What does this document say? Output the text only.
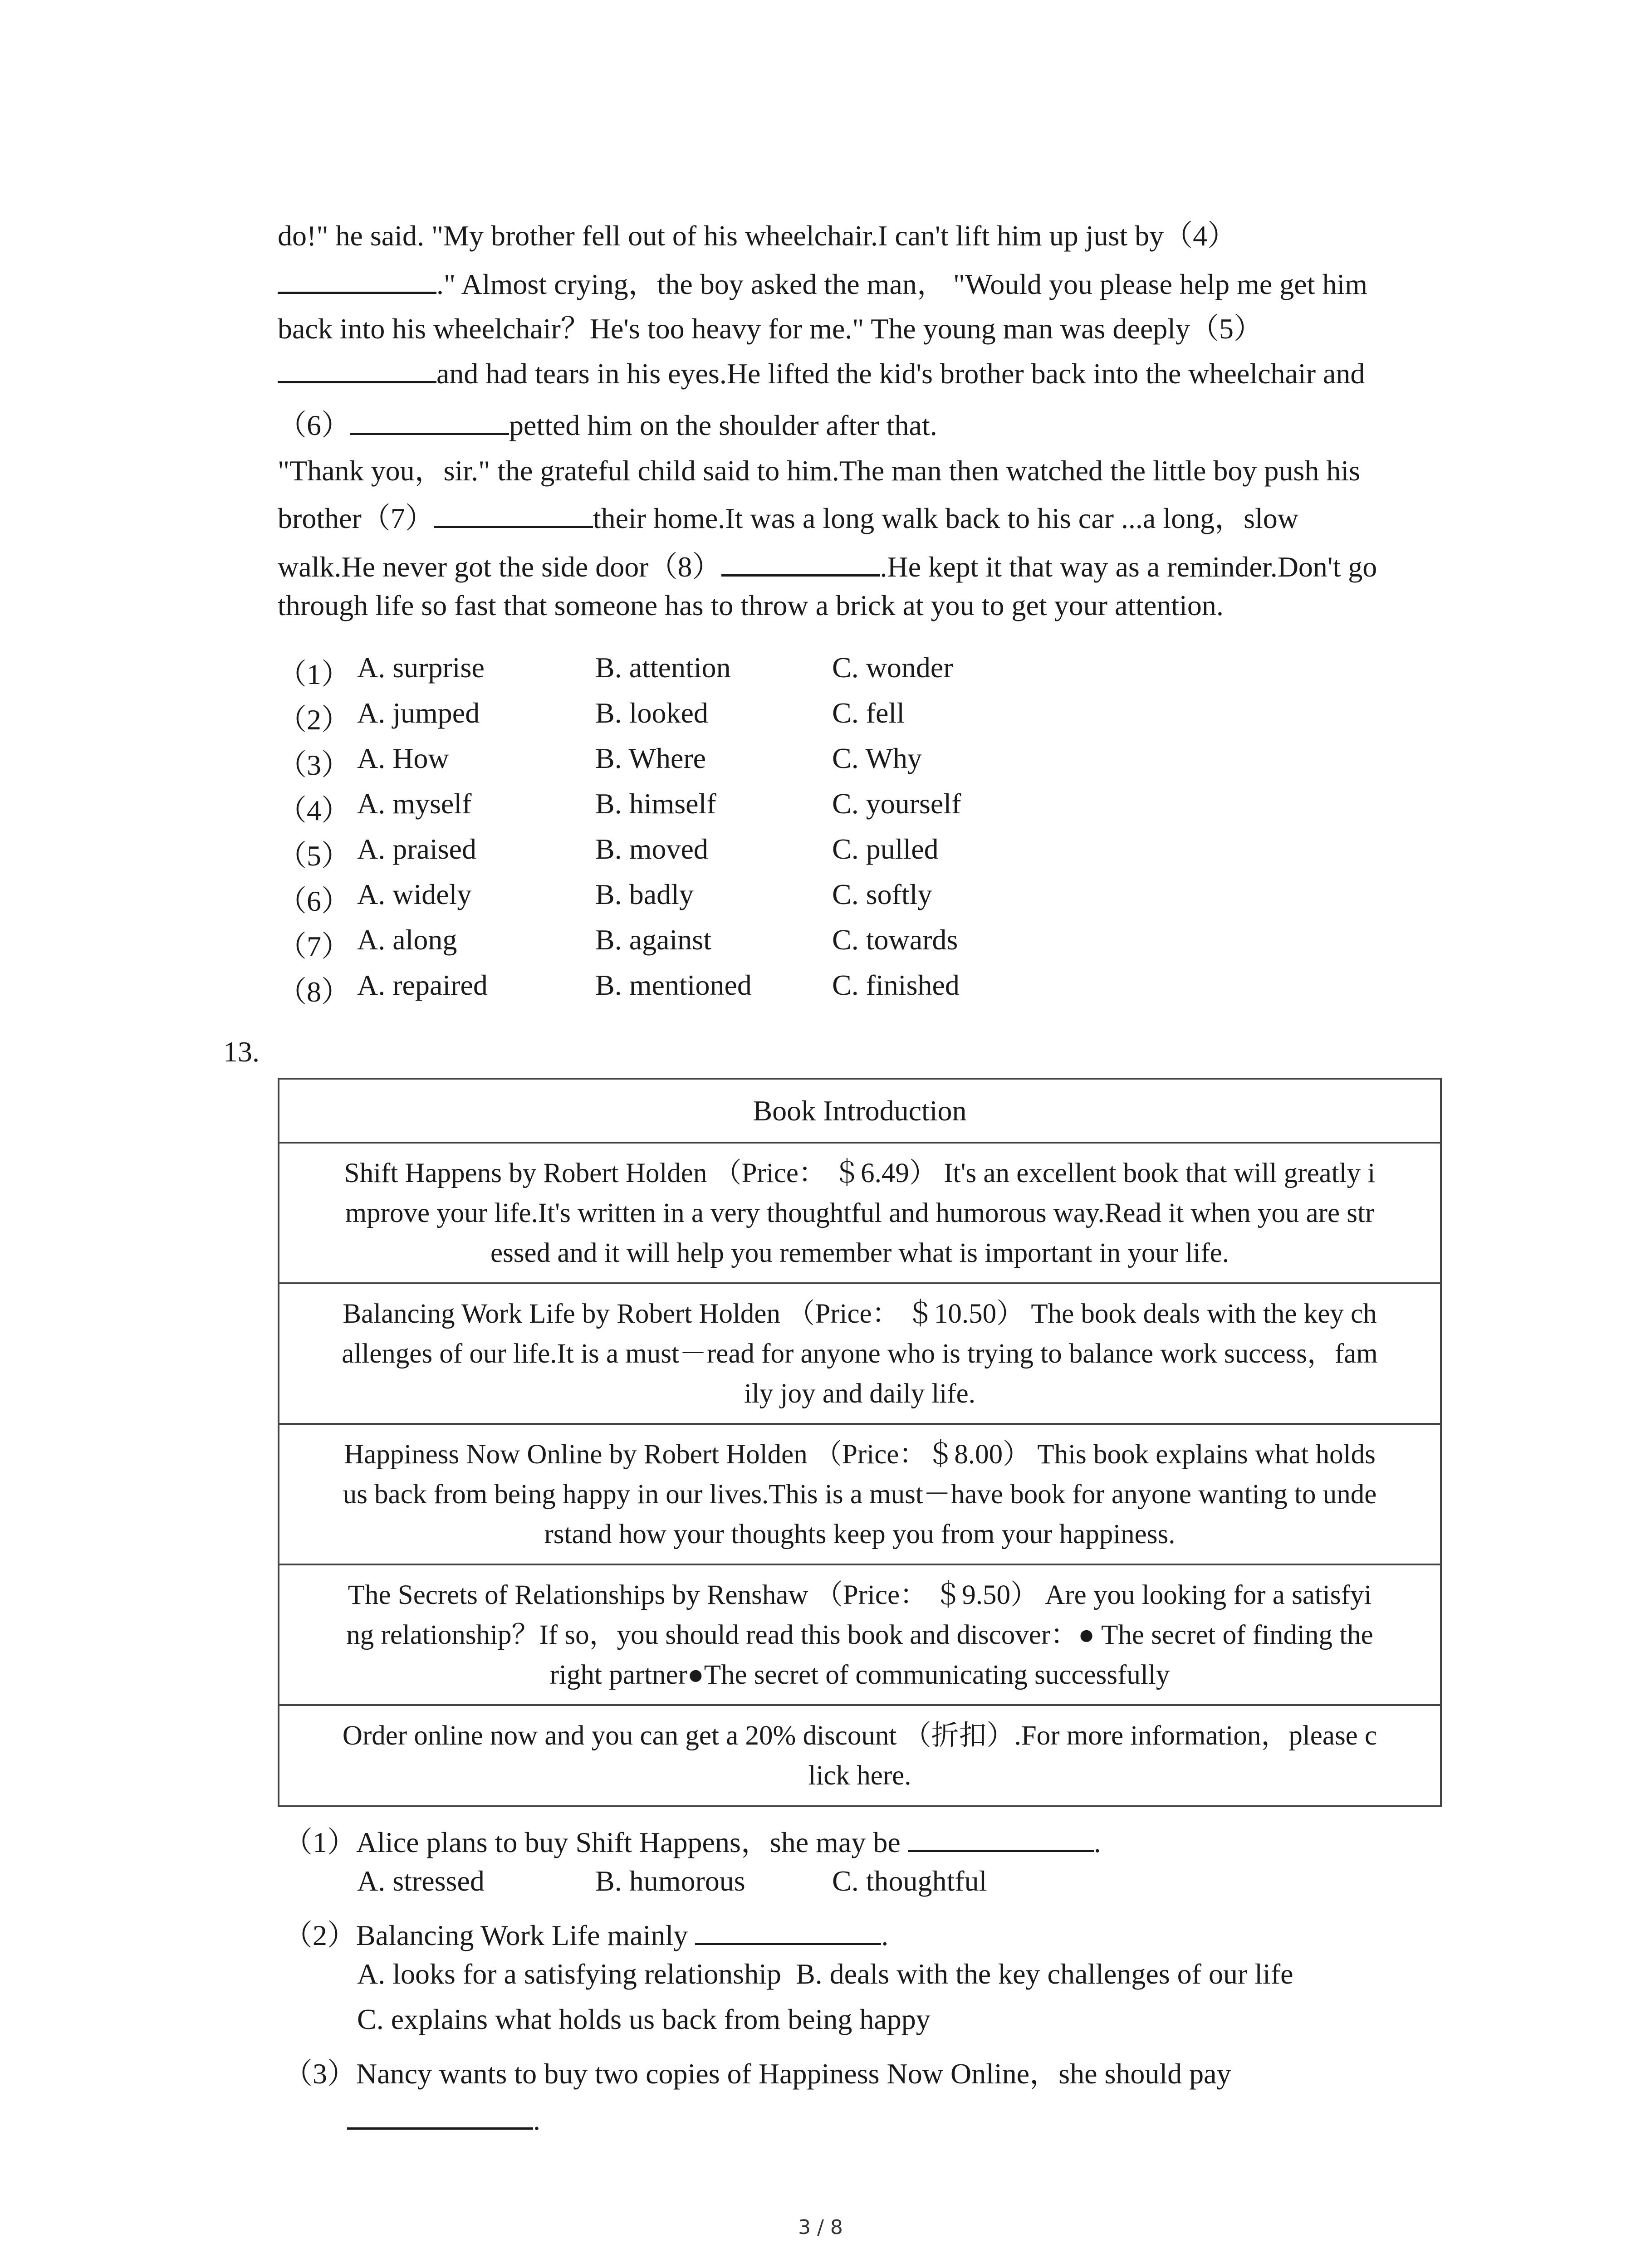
do!" he said. "My brother fell out of his wheelchair.I can't lift him up just by（4）
." Almost crying，the boy asked the man， "Would you please help me get him
back into his wheelchair？He's too heavy for me." The young man was deeply（5）
and had tears in his eyes.He lifted the kid's brother back into the wheelchair and
（6）	petted him on the shoulder after that.
"Thank you，sir." the grateful child said to him.The man then watched the little boy push his
brother（7）	their home.It was a long walk back to his car ...a long，slow
walk.He never got the side door（8）	.He kept it that way as a reminder.Don't go
through life so fast that someone has to throw a brick at you to get your attention.
（1） A. surprise	B. attention	C. wonder
（2） A. jumped	B. looked	C. fell
（3） A. How	B. Where	C. Why
（4） A. myself	B. himself	C. yourself
（5） A. praised	B. moved	C. pulled
（6） A. widely	B. badly	C. softly
（7） A. along	B. against	C. towards
（8） A. repaired	B. mentioned	C. finished
13.
Book Introduction
Shift Happens by Robert Holden （Price： ＄6.49） It's an excellent book that will greatly i
mprove your life.It's written in a very thoughtful and humorous way.Read it when you are str
essed and it will help you remember what is important in your life.
Balancing Work Life by Robert Holden （Price： ＄10.50） The book deals with the key ch
allenges of our life.It is a must－read for anyone who is trying to balance work success，fam
ily joy and daily life.
Happiness Now Online by Robert Holden （Price：＄8.00） This book explains what holds
us back from being happy in our lives.This is a must－have book for anyone wanting to unde
rstand how your thoughts keep you from your happiness.
The Secrets of Relationships by Renshaw （Price： ＄9.50） Are you looking for a satisfyi
ng relationship？If so，you should read this book and discover：● The secret of finding the
right partner●The secret of communicating successfully
Order online now and you can get a 20% discount （折扣）.For more information，please c
lick here.
（1）Alice plans to buy Shift Happens，she may be	.
A. stressed	B. humorous	C. thoughtful
（2）Balancing Work Life mainly	.
A. looks for a satisfying relationship B. deals with the key challenges of our life
C. explains what holds us back from being happy
（3）Nancy wants to buy two copies of Happiness Now Online，she should pay
.
3 / 8
